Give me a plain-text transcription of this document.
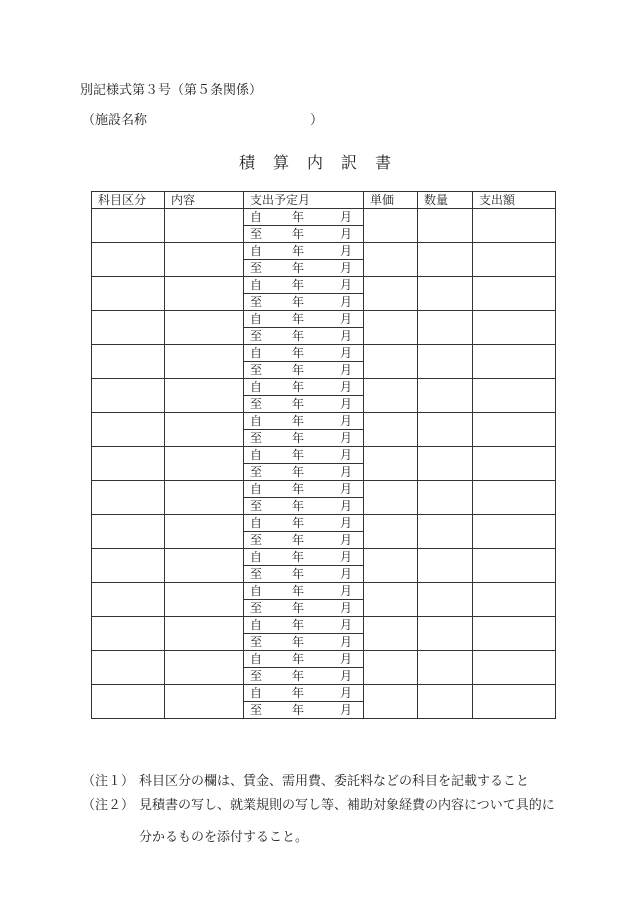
別記様式第３号（第５条関係）
（施設名称	）
積 算 内 訳 書
科目区分	内容	支出予定月	単価	数量	支出額
		自 年 月			

		至 年 月			

		自 年 月			

		至 年 月			

		自 年 月			

		至 年 月			

		自 年 月			

		至 年 月			

		自 年 月			

		至 年 月			

		自 年 月			

		至 年 月			

		自 年 月			

		至 年 月			

		自 年 月			

		至 年 月			

		自 年 月			

		至 年 月			

		自 年 月			

		至 年 月			

		自 年 月			

		至 年 月			

		自 年 月			

		至 年 月			

		自 年 月			

		至 年 月			

		自 年 月			

		至 年 月			

		自 年 月			

		至 年 月			
（注１） 科目区分の欄は、賃金、需用費、委託料などの科目を記載すること
（注２） 見積書の写し、就業規則の写し等、補助対象経費の内容について具的に分かるものを添付すること。
